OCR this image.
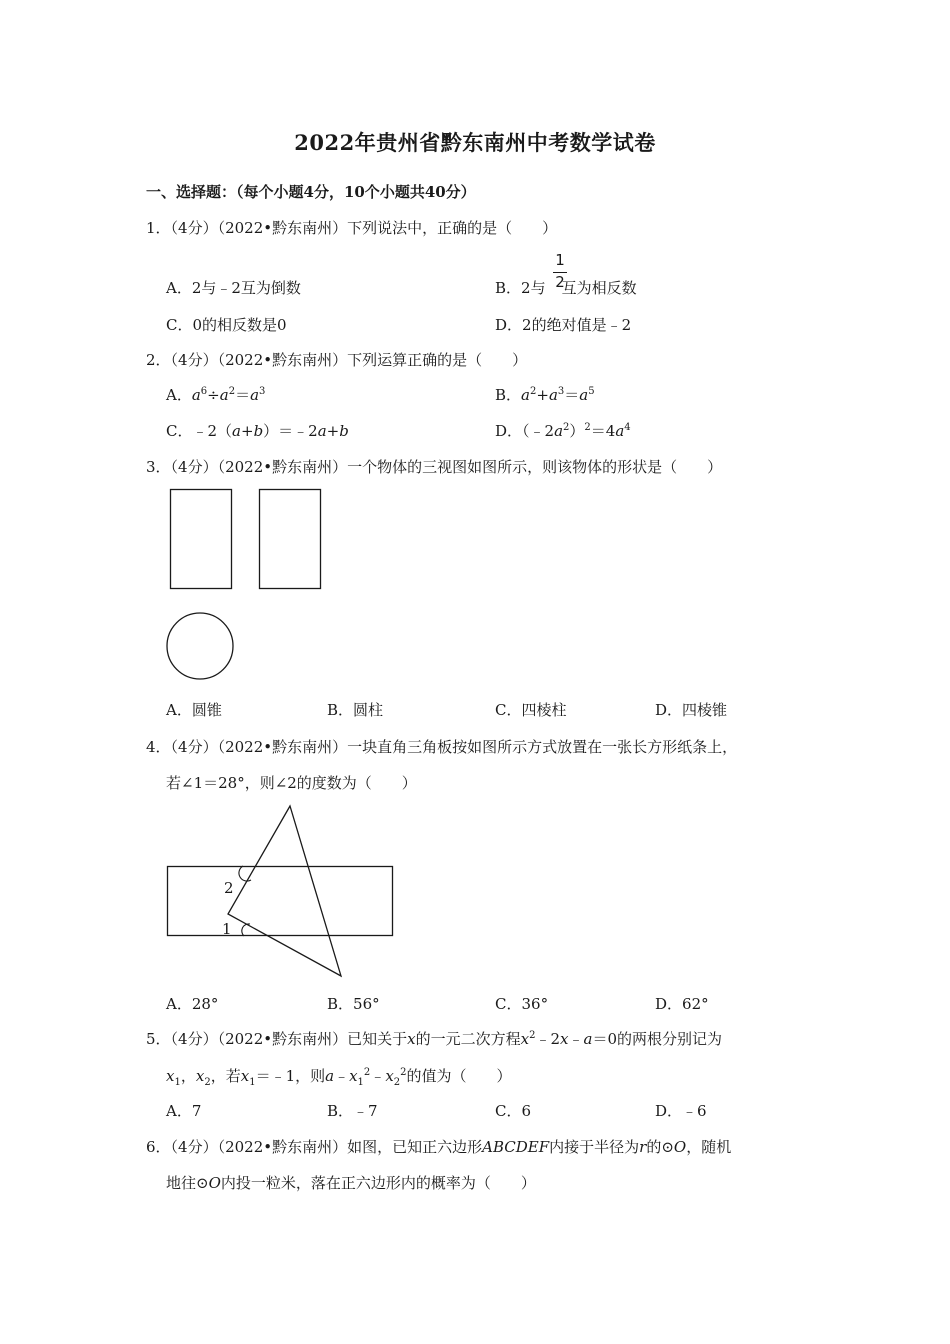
2022年贵州省黔东南州中考数学试卷
一、选择题：（每个小题4分，10个小题共40分）
1．（4分）（2022•黔东南州）下列说法中，正确的是（　　）
A．2与﹣2互为倒数	B．2与 互为相反数
1
2
C．0的相反数是0	D．2的绝对值是﹣2
2．（4分）（2022•黔东南州）下列运算正确的是（　　）
A．$a^6\div a^2=a^3$	B．$a^2+a^3=a^5$
C．﹣2（a+b）＝﹣2a+b	D．$(﹣2a^2)^2=4a^4$
3．（4分）（2022•黔东南州）一个物体的三视图如图所示，则该物体的形状是（　　）
A．圆锥	B．圆柱	C．四棱柱	D．四棱锥
4．（4分）（2022•黔东南州）一块直角三角板按如图所示方式放置在一张长方形纸条上，
若∠1＝28°，则∠2的度数为（　　）
2
1
A．28°	B．56°	C．36°	D．62°
5．（4分）（2022•黔东南州）已知关于x的一元二次方程$x^2﹣2x﹣a=0$的两根分别记为
$x_1$，$x_2$，若$x_1=﹣1$，则$a﹣x_1^2﹣x_2^2$的值为（　　）
A．7	B．﹣7	C．6	D．﹣6
6．（4分）（2022•黔东南州）如图，已知正六边形ABCDEF内接于半径为r的⊙O，随机
地往⊙O内投一粒米，落在正六边形内的概率为（　　）
